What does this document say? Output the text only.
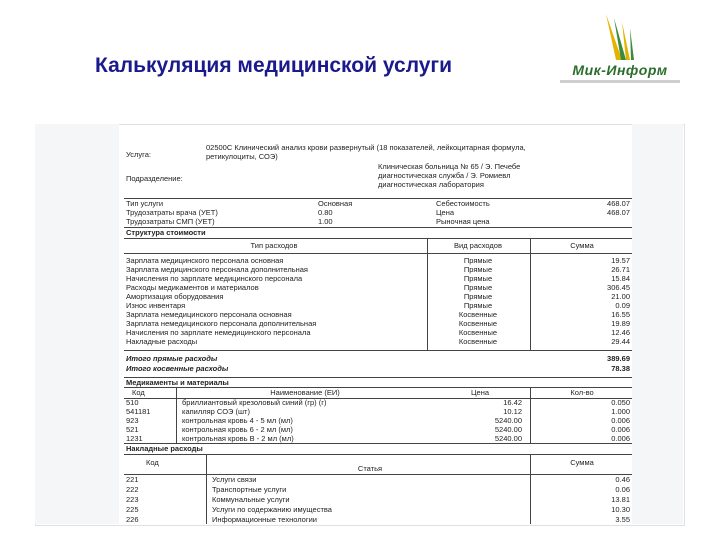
Калькуляция медицинской услуги	Мик-Информ
Услуга:
02500C Клинический анализ крови развернутый (18 показателей, лейкоцитарная формула,
ретикулоциты, СОЭ)
Подразделение:
Клиническая больница № 65 / Э. Печебе
диагностическая служба / Э. Ромиевл
диагностическая лаборатория
Тип услуги	Основная	Себестоимость	468.07
Трудозатраты врача (УЕТ)	0.80	Цена	468.07
Трудозатраты СМП (УЕТ)	1.00	Рыночная цена
Структура стоимости
Тип расходов	Вид расходов	Сумма
Зарплата медицинского персонала основная	Прямые	19.57
Зарплата медицинского персонала дополнительная	Прямые	26.71
Начисления по зарплате медицинского персонала	Прямые	15.84
Расходы медикаментов и материалов	Прямые	306.45
Амортизация оборудования	Прямые	21.00
Износ инвентаря	Прямые	0.09
Зарплата немедицинского персонала основная	Косвенные	16.55
Зарплата немедицинского персонала дополнительная	Косвенные	19.89
Начисления по зарплате немедицинского персонала	Косвенные	12.46
Накладные расходы	Косвенные	29.44
Итого прямые расходы	389.69
Итого косвенные расходы	78.38
Медикаменты и материалы
Код	Наименование (ЕИ)	Цена	Кол-во
510	бриллиантовый крезоловый синий (гр) (г)	16.42	0.050
541181	капилляр СОЭ (шт)	10.12	1.000
923	контрольная кровь 4 - 5 мл (мл)	5240.00	0.006
521	контрольная кровь 6 - 2 мл (мл)	5240.00	0.006
1231	контрольная кровь В - 2 мл (мл)	5240.00	0.006
Накладные расходы
Код
Статья
Сумма
221	Услуги связи	0.46
222	Транспортные услуги	0.06
223	Коммунальные услуги	13.81
225	Услуги по содержанию имущества	10.30
226	Информационные технологии	3.55
